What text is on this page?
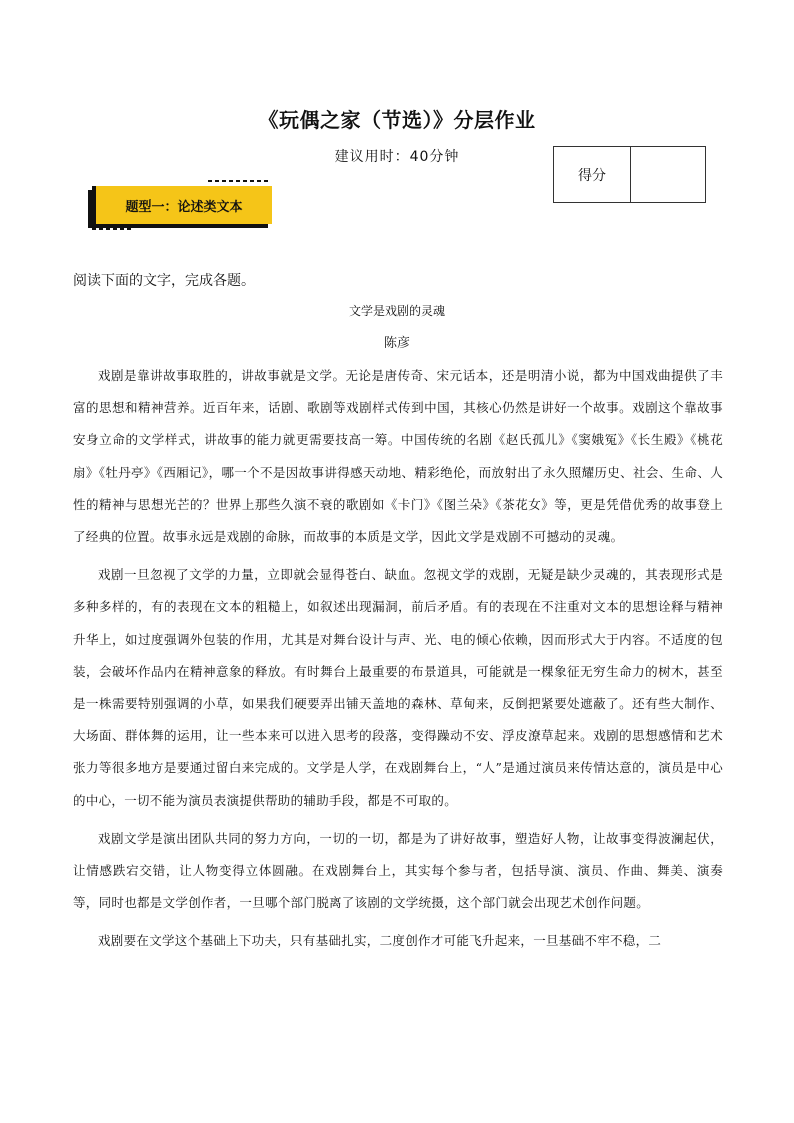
《玩偶之家（节选）》分层作业
建议用时：40分钟
得分
题型一：论述类文本
阅读下面的文字，完成各题。
文学是戏剧的灵魂
陈彦

戏剧是靠讲故事取胜的，讲故事就是文学。无论是唐传奇、宋元话本，还是明清小说，都为中国戏曲提供了丰富的思想和精神营养。近百年来，话剧、歌剧等戏剧样式传到中国，其核心仍然是讲好一个故事。戏剧这个靠故事安身立命的文学样式，讲故事的能力就更需要技高一筹。中国传统的名剧《赵氏孤儿》《窦娥冤》《长生殿》《桃花扇》《牡丹亭》《西厢记》，哪一个不是因故事讲得感天动地、精彩绝伦，而放射出了永久照耀历史、社会、生命、人性的精神与思想光芒的？世界上那些久演不衰的歌剧如《卡门》《图兰朵》《茶花女》等，更是凭借优秀的故事登上了经典的位置。故事永远是戏剧的命脉，而故事的本质是文学，因此文学是戏剧不可撼动的灵魂。

戏剧一旦忽视了文学的力量，立即就会显得苍白、缺血。忽视文学的戏剧，无疑是缺少灵魂的，其表现形式是多种多样的，有的表现在文本的粗糙上，如叙述出现漏洞，前后矛盾。有的表现在不注重对文本的思想诠释与精神升华上，如过度强调外包装的作用，尤其是对舞台设计与声、光、电的倾心依赖，因而形式大于内容。不适度的包装，会破坏作品内在精神意象的释放。有时舞台上最重要的布景道具，可能就是一棵象征无穷生命力的树木，甚至是一株需要特别强调的小草，如果我们硬要弄出铺天盖地的森林、草甸来，反倒把紧要处遮蔽了。还有些大制作、大场面、群体舞的运用，让一些本来可以进入思考的段落，变得躁动不安、浮皮潦草起来。戏剧的思想感情和艺术张力等很多地方是要通过留白来完成的。文学是人学，在戏剧舞台上，“人”是通过演员来传情达意的，演员是中心的中心，一切不能为演员表演提供帮助的辅助手段，都是不可取的。

戏剧文学是演出团队共同的努力方向，一切的一切，都是为了讲好故事，塑造好人物，让故事变得波澜起伏，让情感跌宕交错，让人物变得立体圆融。在戏剧舞台上，其实每个参与者，包括导演、演员、作曲、舞美、演奏等，同时也都是文学创作者，一旦哪个部门脱离了该剧的文学统摄，这个部门就会出现艺术创作问题。

戏剧要在文学这个基础上下功夫，只有基础扎实，二度创作才可能飞升起来，一旦基础不牢不稳，二
